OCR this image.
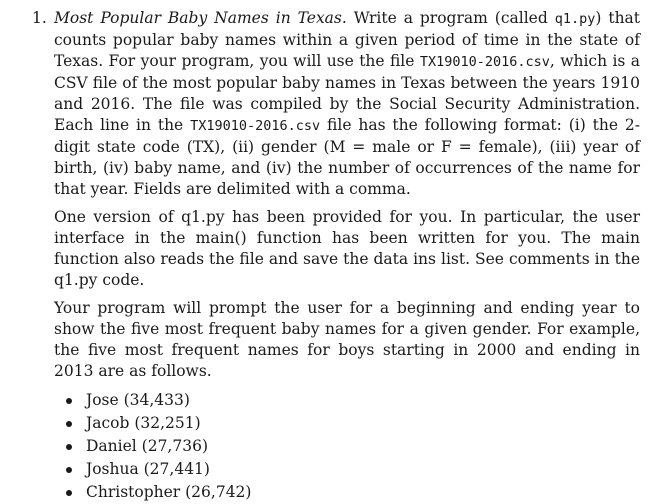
1. Most Popular Baby Names in Texas. Write a program (called q1.py) that counts popular baby names within a given period of time in the state of Texas. For your program, you will use the file TX19010-2016.csv, which is a CSV file of the most popular baby names in Texas between the years 1910 and 2016. The file was compiled by the Social Security Administration. Each line in the TX19010-2016.csv file has the following format: (i) the 2-digit state code (TX), (ii) gender (M = male or F = female), (iii) year of birth, (iv) baby name, and (iv) the number of occurrences of the name for that year. Fields are delimited with a comma.

One version of q1.py has been provided for you. In particular, the user interface in the main() function has been written for you. The main function also reads the file and save the data ins list. See comments in the q1.py code.

Your program will prompt the user for a beginning and ending year to show the five most frequent baby names for a given gender. For example, the five most frequent names for boys starting in 2000 and ending in 2013 are as follows.

Jose (34,433)
Jacob (32,251)
Daniel (27,736)
Joshua (27,441)
Christopher (26,742)
